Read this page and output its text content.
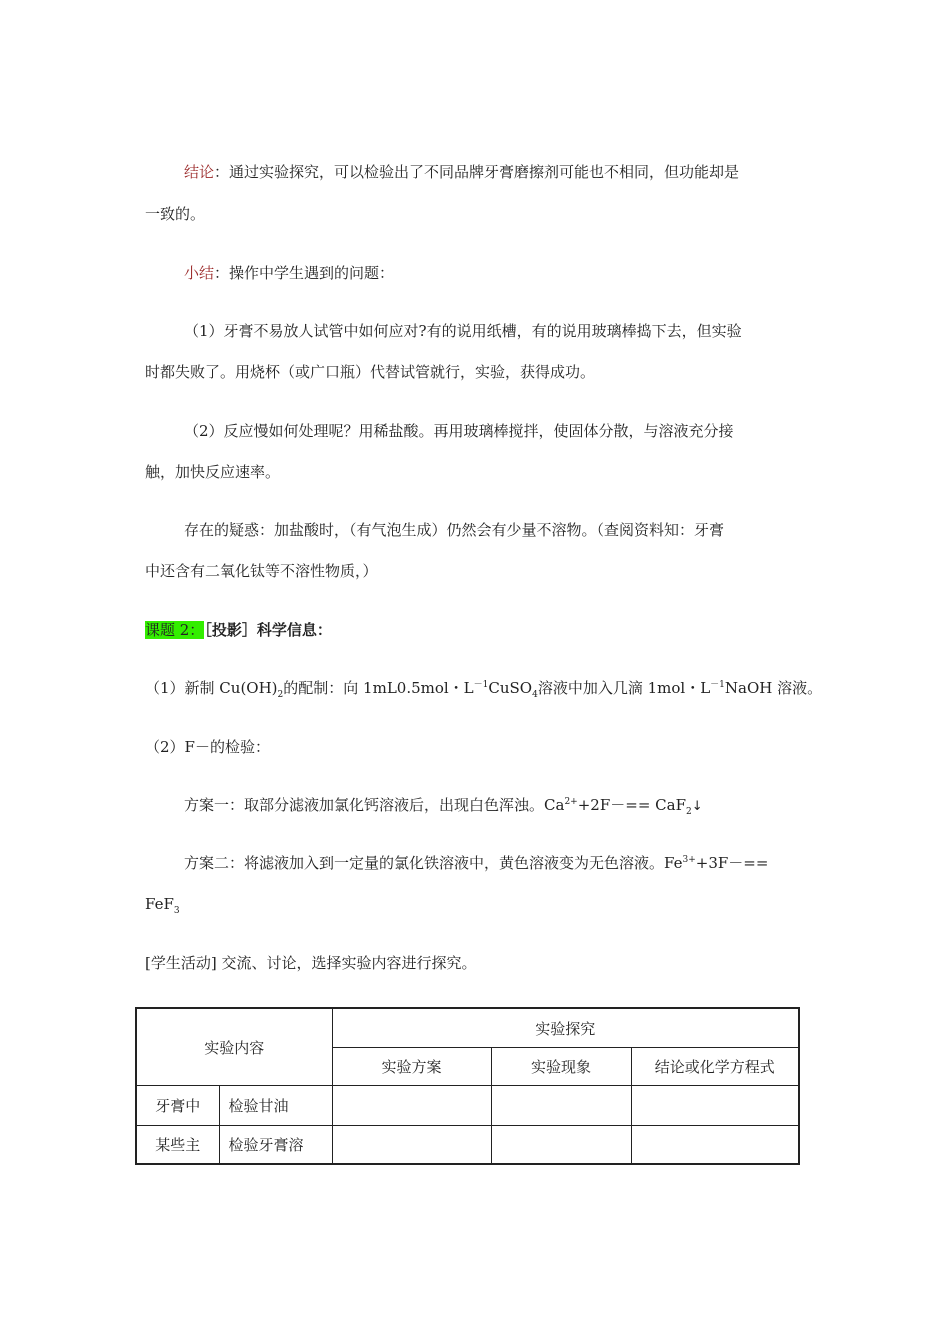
结论：通过实验探究，可以检验出了不同品牌牙膏磨擦剂可能也不相同，但功能却是
一致的。
小结：操作中学生遇到的问题：
（1）牙膏不易放人试管中如何应对?有的说用纸槽，有的说用玻璃棒捣下去，但实验
时都失败了。用烧杯（或广口瓶）代替试管就行，实验，获得成功。
（2）反应慢如何处理呢？用稀盐酸。再用玻璃棒搅拌，使固体分散，与溶液充分接
触，加快反应速率。
存在的疑惑：加盐酸时，（有气泡生成）仍然会有少量不溶物。（查阅资料知：牙膏
中还含有二氧化钛等不溶性物质，）
课题 2：［投影］科学信息：
（1）新制 $Cu(OH)_2$的配制：向 1mL0.5mol・$L^{-1}CuSO_4$溶液中加入几滴 1mol・$L^{-1}NaOH$ 溶液。
（2）F－的检验：
方案一：取部分滤液加氯化钙溶液后，出现白色浑浊。$Ca^{2+}+2F-==$ CaF$_2$↓
方案二：将滤液加入到一定量的氯化铁溶液中，黄色溶液变为无色溶液。$Fe^{3+}+3F-==$
FeF$_3$
[学生活动] 交流、讨论，选择实验内容进行探究。
实验内容		实验探究		
		实验方案	实验现象	结论或化学方程式
牙膏中	检验甘油			
某些主	检验牙膏溶			
